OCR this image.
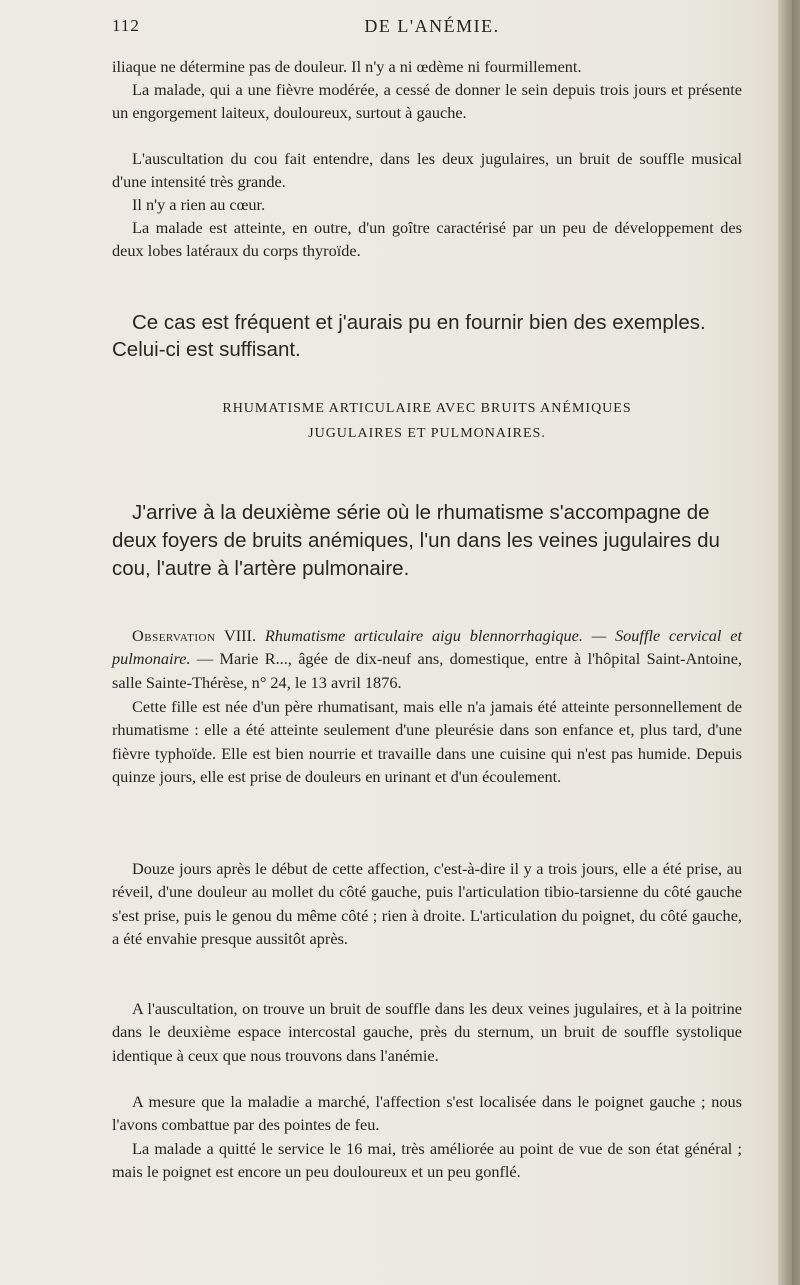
112	DE L'ANÉMIE.

iliaque ne détermine pas de douleur. Il n'y a ni œdème ni fourmillement.

La malade, qui a une fièvre modérée, a cessé de donner le sein depuis trois jours et présente un engorgement laiteux, douloureux, surtout à gauche.

L'auscultation du cou fait entendre, dans les deux jugulaires, un bruit de souffle musical d'une intensité très grande.

Il n'y a rien au cœur.

La malade est atteinte, en outre, d'un goître caractérisé par un peu de développement des deux lobes latéraux du corps thyroïde.

Ce cas est fréquent et j'aurais pu en fournir bien des exemples. Celui-ci est suffisant.

RHUMATISME ARTICULAIRE AVEC BRUITS ANÉMIQUES

JUGULAIRES ET PULMONAIRES.

J'arrive à la deuxième série où le rhumatisme s'accompagne de deux foyers de bruits anémiques, l'un dans les veines jugulaires du cou, l'autre à l'artère pulmonaire.

Observation VIII. Rhumatisme articulaire aigu blennorrhagique. — Souffle cervical et pulmonaire. — Marie R..., âgée de dix-neuf ans, domestique, entre à l'hôpital Saint-Antoine, salle Sainte-Thérèse, n° 24, le 13 avril 1876.

Cette fille est née d'un père rhumatisant, mais elle n'a jamais été atteinte personnellement de rhumatisme : elle a été atteinte seulement d'une pleurésie dans son enfance et, plus tard, d'une fièvre typhoïde. Elle est bien nourrie et travaille dans une cuisine qui n'est pas humide. Depuis quinze jours, elle est prise de douleurs en urinant et d'un écoulement.

Douze jours après le début de cette affection, c'est-à-dire il y a trois jours, elle a été prise, au réveil, d'une douleur au mollet du côté gauche, puis l'articulation tibio-tarsienne du côté gauche s'est prise, puis le genou du même côté ; rien à droite. L'articulation du poignet, du côté gauche, a été envahie presque aussitôt après.

A l'auscultation, on trouve un bruit de souffle dans les deux veines jugulaires, et à la poitrine dans le deuxième espace intercostal gauche, près du sternum, un bruit de souffle systolique identique à ceux que nous trouvons dans l'anémie.

A mesure que la maladie a marché, l'affection s'est localisée dans le poignet gauche ; nous l'avons combattue par des pointes de feu.

La malade a quitté le service le 16 mai, très améliorée au point de vue de son état général ; mais le poignet est encore un peu douloureux et un peu gonflé.
